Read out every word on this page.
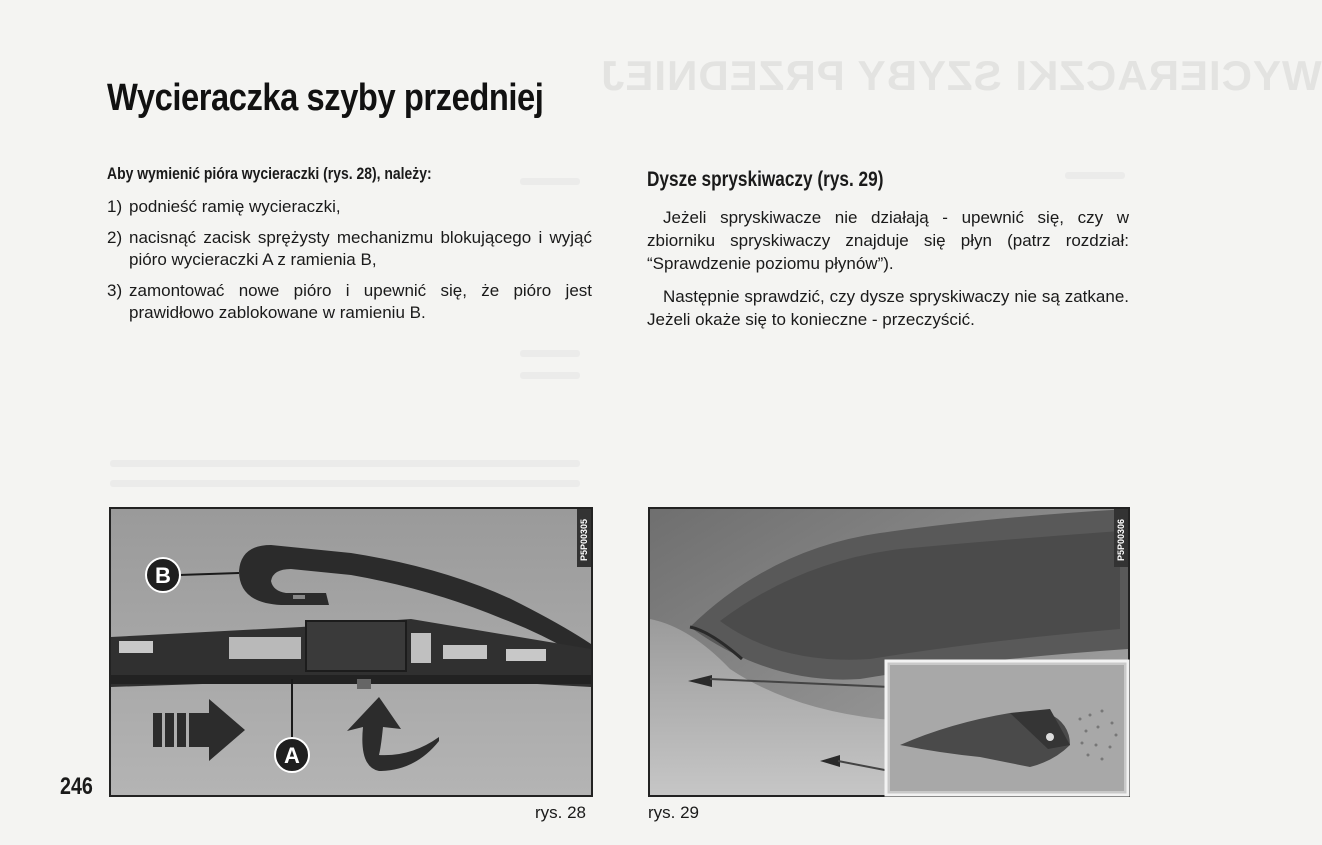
WYCIERACZKI SZYBY PRZEDNIEJ
Wycieraczka szyby przedniej
Aby wymienić pióra wycieraczki (rys. 28), należy:
1) podnieść ramię wycieraczki,
2) nacisnąć zacisk sprężysty mechanizmu blokującego i wyjąć pióro wycieraczki A z ramienia B,
3) zamontować nowe pióro i upewnić się, że pióro jest prawidłowo zablokowane w ramieniu B.
Dysze spryskiwaczy (rys. 29)

Jeżeli spryskiwacze nie działają - upewnić się, czy w zbiorniku spryskiwaczy znajduje się płyn (patrz rozdział: “Sprawdzenie poziomu płynów”).

Następnie sprawdzić, czy dysze spryskiwaczy nie są zatkane. Jeżeli okaże się to konieczne - przeczyścić.

B
A
P5P00305	P5P00306
rys. 28	rys. 29
246
